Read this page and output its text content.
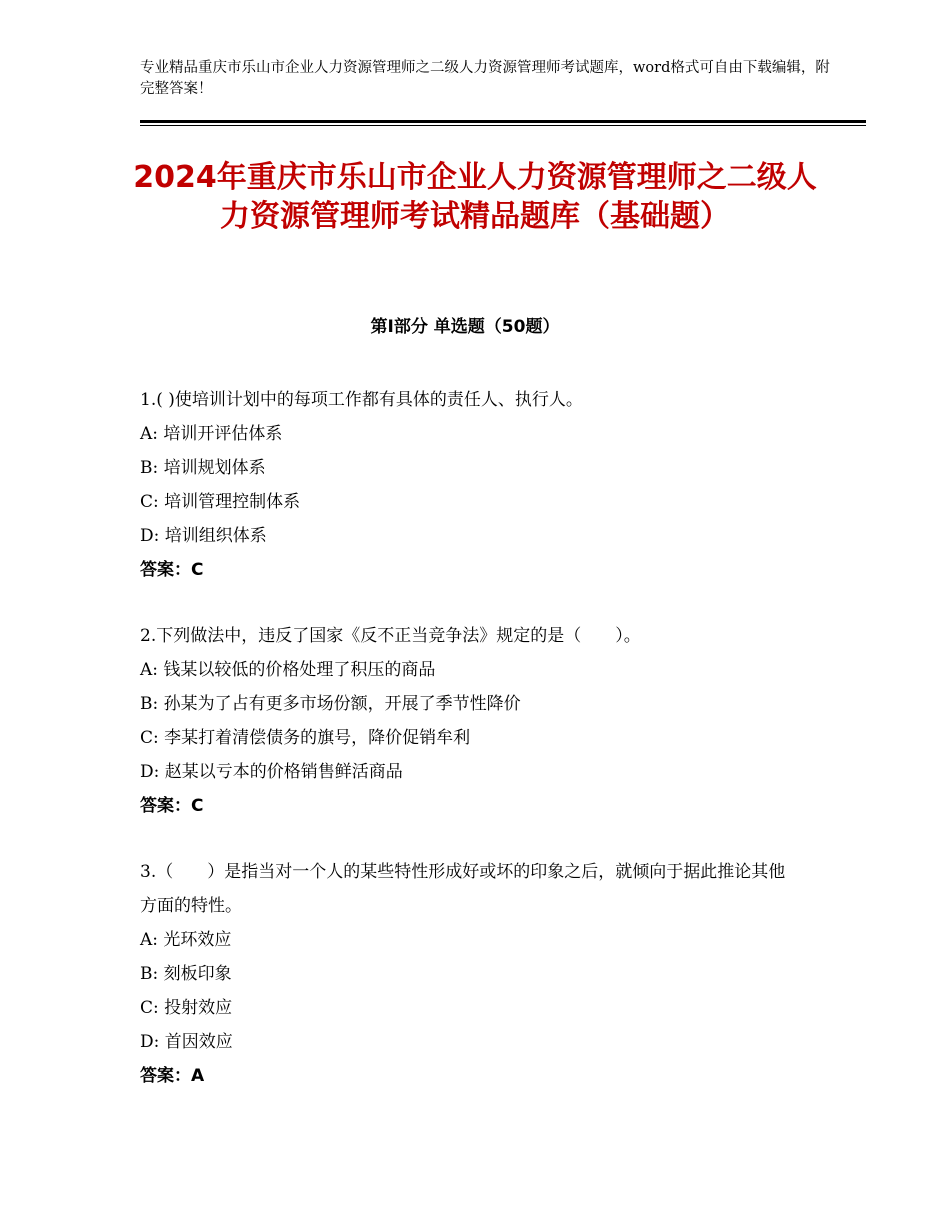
专业精品重庆市乐山市企业人力资源管理师之二级人力资源管理师考试题库，word格式可自由下载编辑，附完整答案！
2024年重庆市乐山市企业人力资源管理师之二级人力资源管理师考试精品题库（基础题）
第Ⅰ部分 单选题（50题）
1.( )使培训计划中的每项工作都有具体的责任人、执行人。
A: 培训开评估体系
B: 培训规划体系
C: 培训管理控制体系
D: 培训组织体系
答案：C
2.下列做法中，违反了国家《反不正当竞争法》规定的是（　　）。
A: 钱某以较低的价格处理了积压的商品
B: 孙某为了占有更多市场份额，开展了季节性降价
C: 李某打着清偿债务的旗号，降价促销牟利
D: 赵某以亏本的价格销售鲜活商品
答案：C
3.（　　）是指当对一个人的某些特性形成好或坏的印象之后，就倾向于据此推论其他方面的特性。
A: 光环效应
B: 刻板印象
C: 投射效应
D: 首因效应
答案：A
